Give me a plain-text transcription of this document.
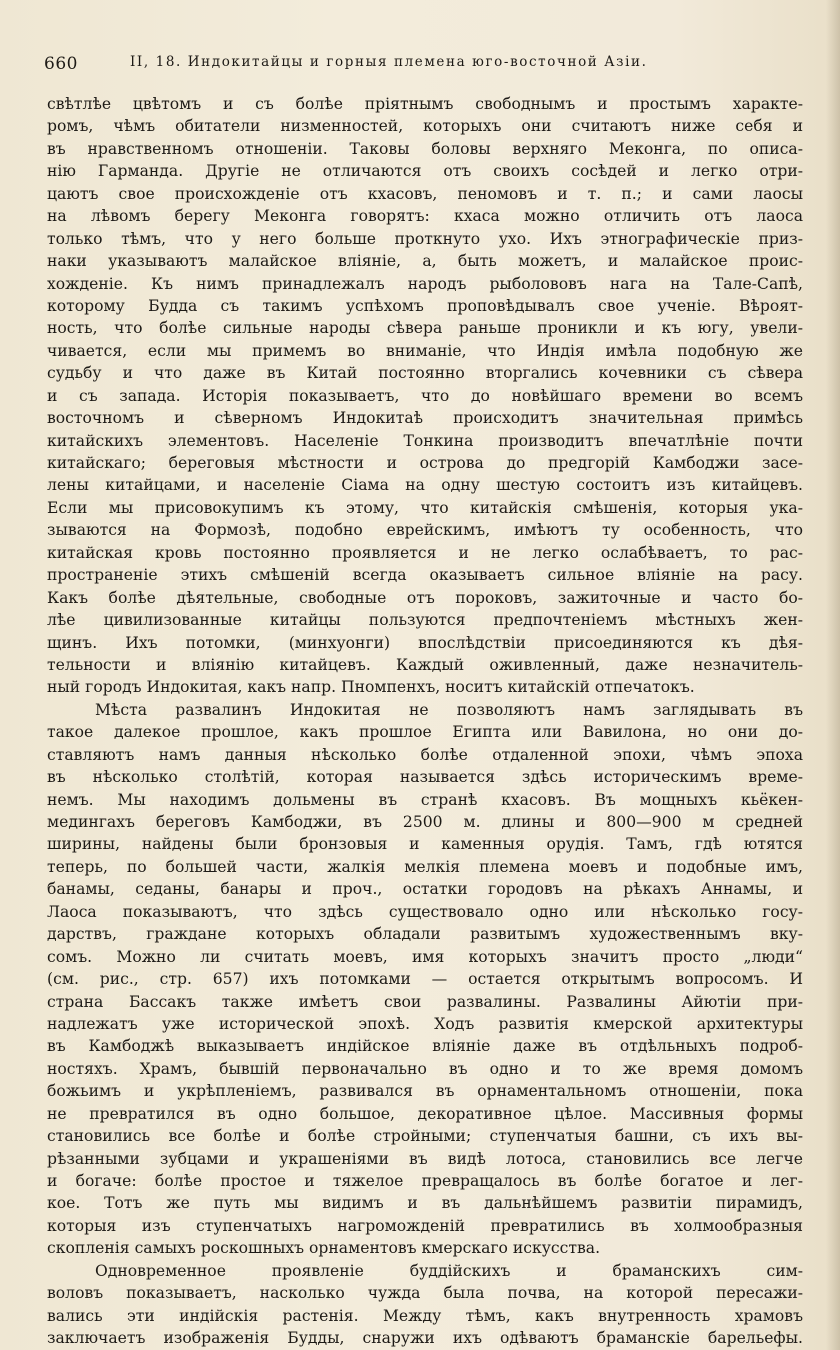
660	II, 18. Индокитайцы и горныя племена юго-восточной Азіи.
свѣтлѣе цвѣтомъ и съ болѣе пріятнымъ свободнымъ и простымъ характе-
ромъ, чѣмъ обитатели низменностей, которыхъ они считаютъ ниже себя и
въ нравственномъ отношеніи. Таковы боловы верхняго Меконга, по описа-
нію Гарманда. Другіе не отличаются отъ своихъ сосѣдей и легко отри-
цаютъ свое происхожденіе отъ кхасовъ, пеномовъ и т. п.; и сами лаосы
на лѣвомъ берегу Меконга говорятъ: кхаса можно отличить отъ лаоса
только тѣмъ, что у него больше проткнуто ухо. Ихъ этнографическіе приз-
наки указываютъ малайское вліяніе, а, быть можетъ, и малайское проис-
хожденіе. Къ нимъ принадлежалъ народъ рыболововъ нага на Тале-Сапѣ,
которому Будда съ такимъ успѣхомъ проповѣдывалъ свое ученіе. Вѣроят-
ность, что болѣе сильные народы сѣвера раньше проникли и къ югу, увели-
чивается, если мы примемъ во вниманіе, что Индія имѣла подобную же
судьбу и что даже въ Китай постоянно вторгались кочевники съ сѣвера
и съ запада. Исторія показываетъ, что до новѣйшаго времени во всемъ
восточномъ и сѣверномъ Индокитаѣ происходитъ значительная примѣсь
китайскихъ элементовъ. Населеніе Тонкина производитъ впечатлѣніе почти
китайскаго; береговыя мѣстности и острова до предгорій Камбоджи засе-
лены китайцами, и населеніе Сіама на одну шестую состоитъ изъ китайцевъ.
Если мы присовокупимъ къ этому, что китайскія смѣшенія, которыя ука-
зываются на Формозѣ, подобно еврейскимъ, имѣютъ ту особенность, что
китайская кровь постоянно проявляется и не легко ослабѣваетъ, то рас-
пространеніе этихъ смѣшеній всегда оказываетъ сильное вліяніе на расу.
Какъ болѣе дѣятельные, свободные отъ пороковъ, зажиточные и часто бо-
лѣе цивилизованные китайцы пользуются предпочтеніемъ мѣстныхъ жен-
щинъ. Ихъ потомки, (минхуонги) впослѣдствіи присоединяются къ дѣя-
тельности и вліянію китайцевъ. Каждый оживленный, даже незначитель-
ный городъ Индокитая, какъ напр. Пномпенхъ, носитъ китайскій отпечатокъ.
Мѣста развалинъ Индокитая не позволяютъ намъ заглядывать въ
такое далекое прошлое, какъ прошлое Египта или Вавилона, но они до-
ставляютъ намъ данныя нѣсколько болѣе отдаленной эпохи, чѣмъ эпоха
въ нѣсколько столѣтій, которая называется здѣсь историческимъ време-
немъ. Мы находимъ дольмены въ странѣ кхасовъ. Въ мощныхъ кьёкен-
медингахъ береговъ Камбоджи, въ 2500 м. длины и 800—900 м средней
ширины, найдены были бронзовыя и каменныя орудія. Тамъ, гдѣ ютятся
теперь, по большей части, жалкія мелкія племена моевъ и подобные имъ,
банамы, седаны, банары и проч., остатки городовъ на рѣкахъ Аннамы, и
Лаоса показываютъ, что здѣсь существовало одно или нѣсколько госу-
дарствъ, граждане которыхъ обладали развитымъ художественнымъ вку-
сомъ. Можно ли считать моевъ, имя которыхъ значитъ просто „люди“
(см. рис., стр. 657) ихъ потомками — остается открытымъ вопросомъ. И
страна Бассакъ также имѣетъ свои развалины. Развалины Айютіи при-
надлежатъ уже исторической эпохѣ. Ходъ развитія кмерской архитектуры
въ Камбоджѣ выказываетъ индійское вліяніе даже въ отдѣльныхъ подроб-
ностяхъ. Храмъ, бывшій первоначально въ одно и то же время домомъ
божьимъ и укрѣпленіемъ, развивался въ орнаментальномъ отношеніи, пока
не превратился въ одно большое, декоративное цѣлое. Массивныя формы
становились все болѣе и болѣе стройными; ступенчатыя башни, съ ихъ вы-
рѣзанными зубцами и украшеніями въ видѣ лотоса, становились все легче
и богаче: болѣе простое и тяжелое превращалось въ болѣе богатое и лег-
кое. Тотъ же путь мы видимъ и въ дальнѣйшемъ развитіи пирамидъ,
которыя изъ ступенчатыхъ нагроможденій превратились въ холмообразныя
скопленія самыхъ роскошныхъ орнаментовъ кмерскаго искусства.
Одновременное проявленіе буддійскихъ и браманскихъ сим-
воловъ показываетъ, насколько чужда была почва, на которой пересажи-
вались эти индійскія растенія. Между тѣмъ, какъ внутренность храмовъ
заключаетъ изображенія Будды, снаружи ихъ одѣваютъ браманскіе барельефы.
